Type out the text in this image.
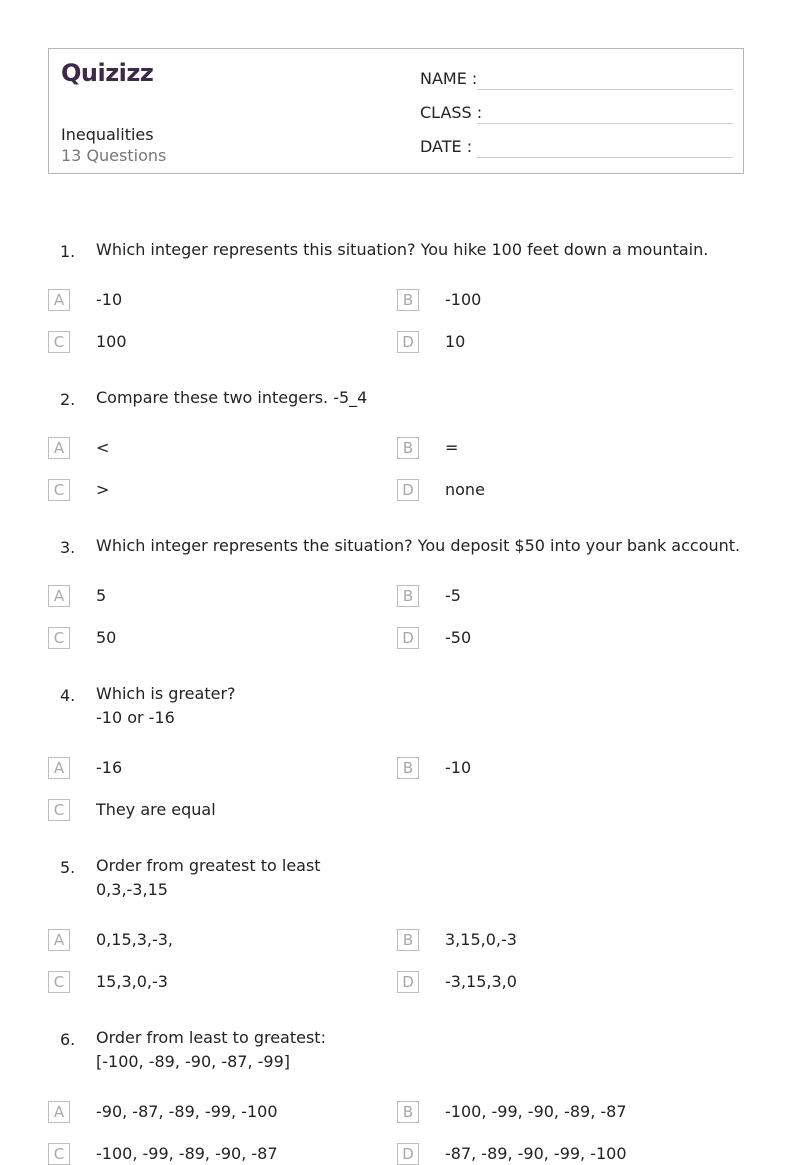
Quizizz
Inequalities
13 Questions
NAME :
CLASS :
DATE :
1. Which integer represents this situation? You hike 100 feet down a mountain.
A	-10	B	-100
C	100	D	10
2. Compare these two integers. -5_4
A	<	B	=
C	>	D	none
3. Which integer represents the situation? You deposit $50 into your bank account.
A	5	B	-5
C	50	D	-50
4. Which is greater?
-10 or -16
A	-16	B	-10
C	They are equal
5. Order from greatest to least
0,3,-3,15
A	0,15,3,-3,	B	3,15,0,-3
C	15,3,0,-3	D	-3,15,3,0
6. Order from least to greatest:
[-100, -89, -90, -87, -99]
A	-90, -87, -89, -99, -100	B	-100, -99, -90, -89, -87
C	-100, -99, -89, -90, -87	D	-87, -89, -90, -99, -100
